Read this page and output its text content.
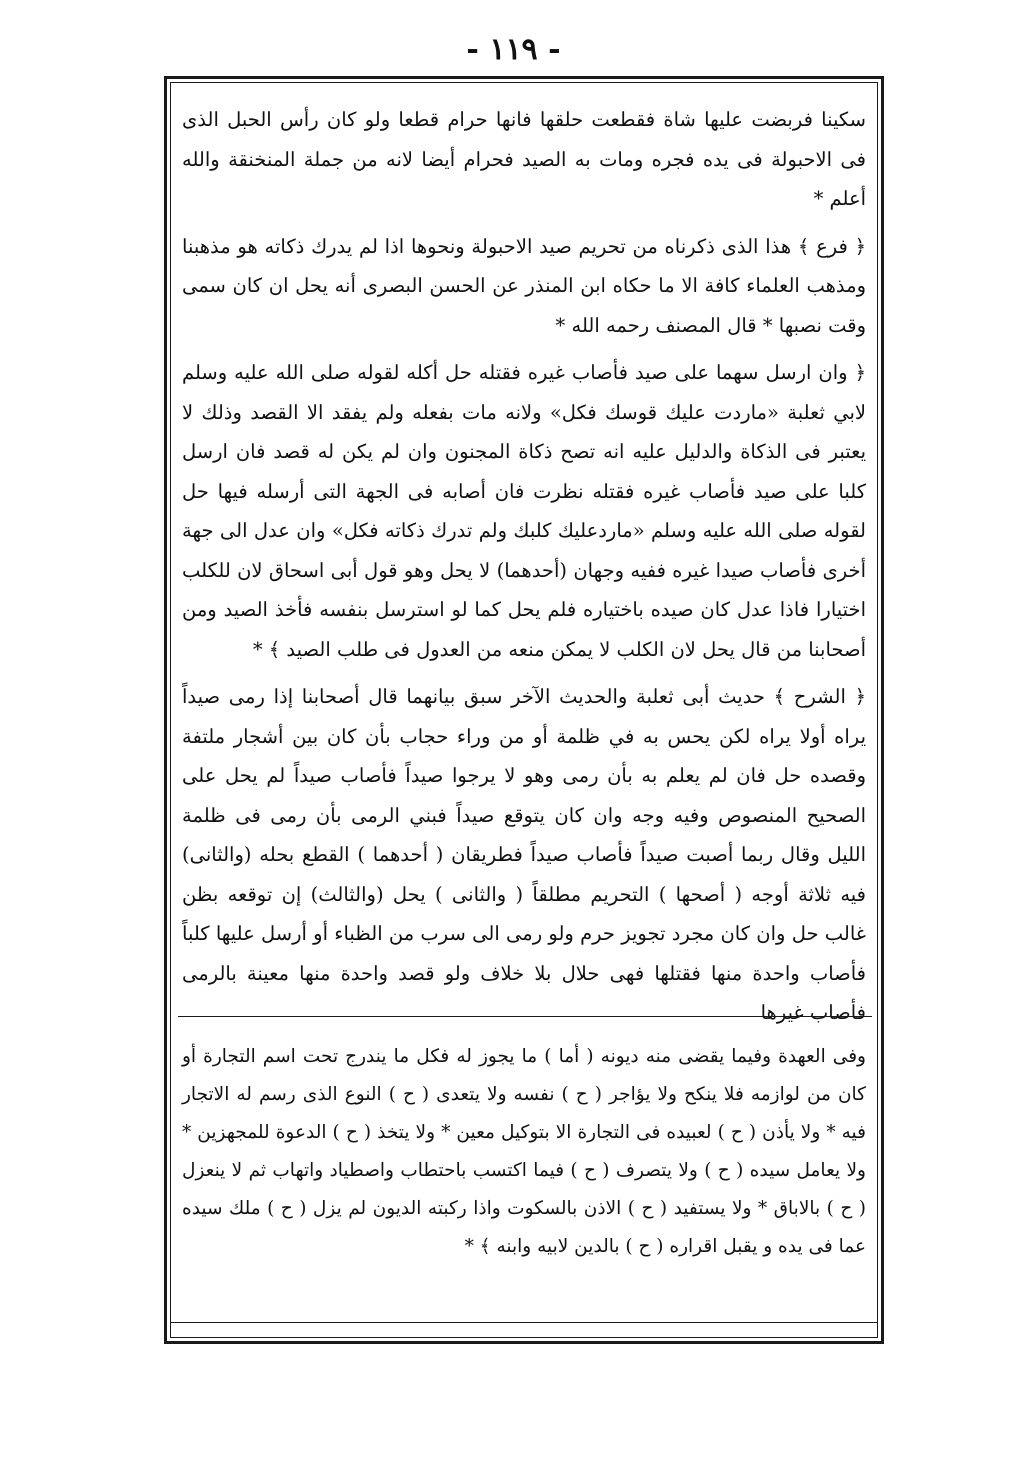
- ١١٩ -

سكينا فربضت عليها شاة فقطعت حلقها فانها حرام قطعا ولو كان رأس الحبل الذى فى الاحبولة فى يده فجره ومات به الصيد فحرام أيضا لانه من جملة المنخنقة والله أعلم *

﴿ فرع ﴾ هذا الذى ذكرناه من تحريم صيد الاحبولة ونحوها اذا لم يدرك ذكاته هو مذهبنا ومذهب العلماء كافة الا ما حكاه ابن المنذر عن الحسن البصرى أنه يحل ان كان سمى وقت نصبها * قال المصنف رحمه الله *

﴿ وان ارسل سهما على صيد فأصاب غيره فقتله حل أكله لقوله صلى الله عليه وسلم لابي ثعلبة «ماردت عليك قوسك فكل» ولانه مات بفعله ولم يفقد الا القصد وذلك لا يعتبر فى الذكاة والدليل عليه انه تصح ذكاة المجنون وان لم يكن له قصد فان ارسل كلبا على صيد فأصاب غيره فقتله نظرت فان أصابه فى الجهة التى أرسله فيها حل لقوله صلى الله عليه وسلم «ماردعليك كلبك ولم تدرك ذكاته فكل» وان عدل الى جهة أخرى فأصاب صيدا غيره ففيه وجهان (أحدهما) لا يحل وهو قول أبى اسحاق لان للكلب اختيارا فاذا عدل كان صيده باختياره فلم يحل كما لو استرسل بنفسه فأخذ الصيد ومن أصحابنا من قال يحل لان الكلب لا يمكن منعه من العدول فى طلب الصيد ﴾ *

﴿ الشرح ﴾ حديث أبى ثعلبة والحديث الآخر سبق بيانهما قال أصحابنا إذا رمى صيداً يراه أولا يراه لكن يحس به في ظلمة أو من وراء حجاب بأن كان بين أشجار ملتفة وقصده حل فان لم يعلم به بأن رمى وهو لا يرجوا صيداً فأصاب صيداً لم يحل على الصحيح المنصوص وفيه وجه وان كان يتوقع صيداً فبني الرمى بأن رمى فى ظلمة الليل وقال ربما أصبت صيداً فأصاب صيداً فطريقان ( أحدهما ) القطع بحله (والثانى) فيه ثلاثة أوجه ( أصحها ) التحريم مطلقاً ( والثانى ) يحل (والثالث) إن توقعه بظن غالب حل وان كان مجرد تجويز حرم ولو رمى الى سرب من الظباء أو أرسل عليها كلباً فأصاب واحدة منها فقتلها فهى حلال بلا خلاف ولو قصد واحدة منها معينة بالرمى فأصاب غيرها

وفى العهدة وفيما يقضى منه ديونه ( أما ) ما يجوز له فكل ما يندرج تحت اسم التجارة أو كان من لوازمه فلا ينكح ولا يؤاجر ( ح ) نفسه ولا يتعدى ( ح ) النوع الذى رسم له الاتجار فيه * ولا يأذن ( ح ) لعبيده فى التجارة الا بتوكيل معين * ولا يتخذ ( ح ) الدعوة للمجهزين * ولا يعامل سيده ( ح ) ولا يتصرف ( ح ) فيما اكتسب باحتطاب واصطياد واتهاب ثم لا ينعزل ( ح ) بالاباق * ولا يستفيد ( ح ) الاذن بالسكوت واذا ركبته الديون لم يزل ( ح ) ملك سيده عما فى يده و يقبل اقراره ( ح ) بالدين لابيه وابنه ﴾ *
